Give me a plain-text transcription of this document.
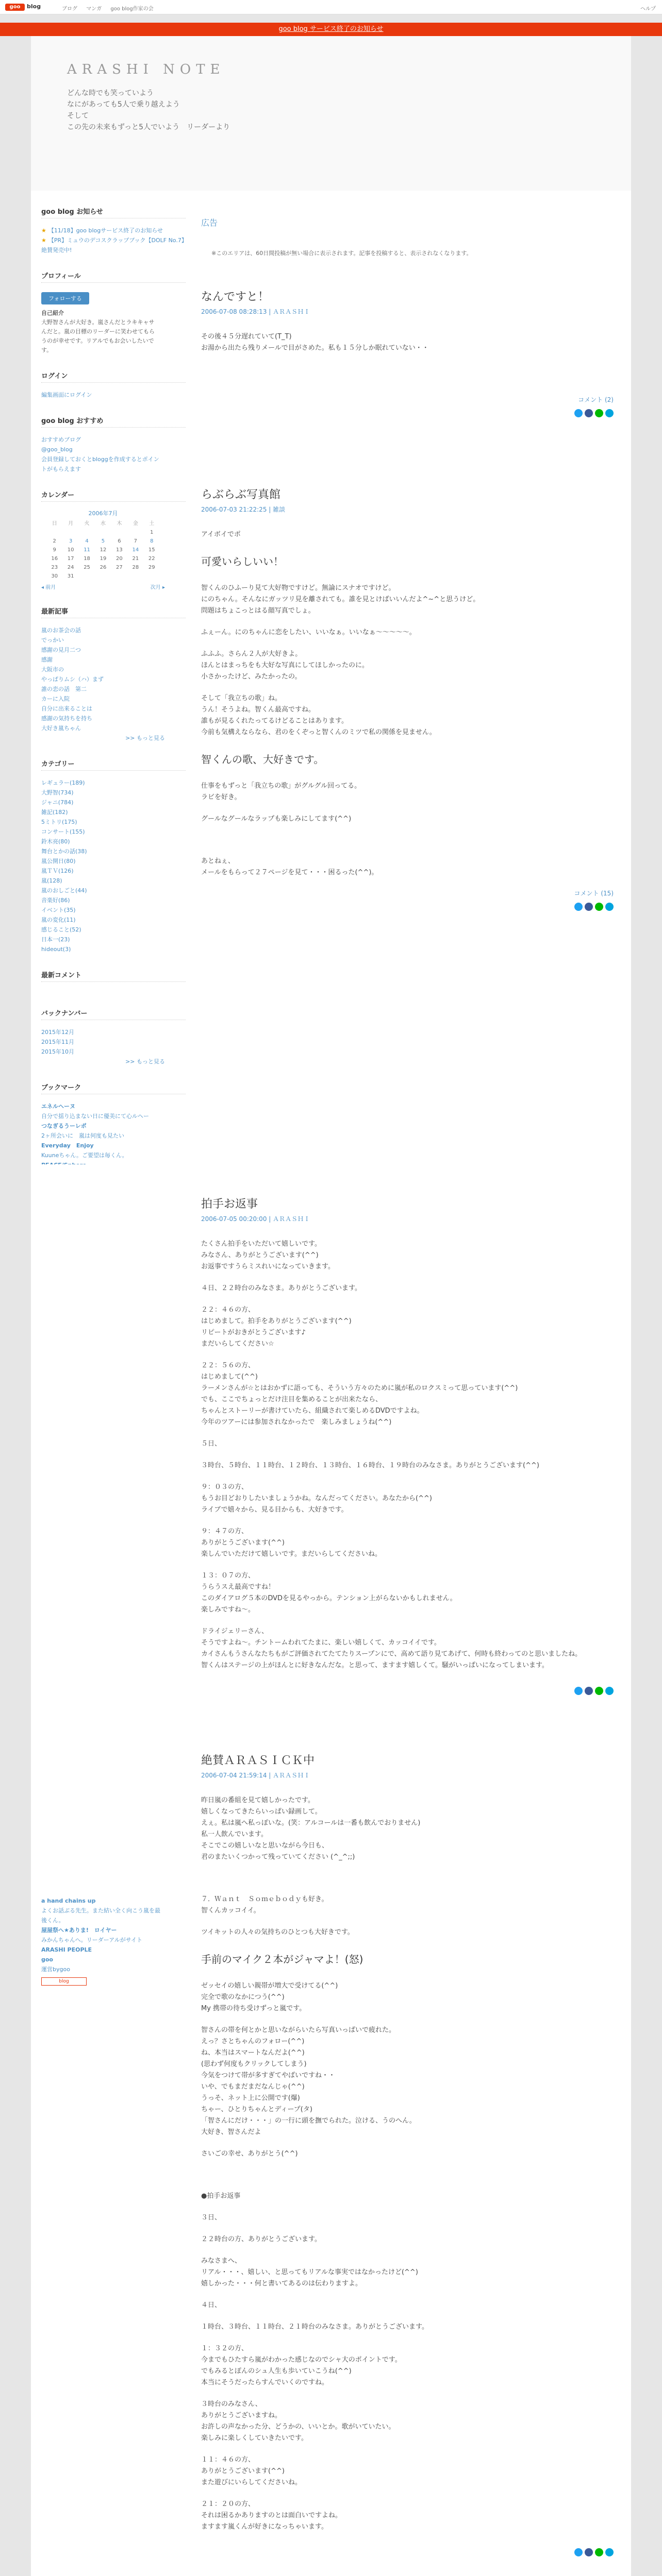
goo	blog	ブログ マンガ goo blog作家の会	ヘルプ
goo blog サービス終了のお知らせ
ARASHI NOTE
どんな時でも笑っていよう
なにがあっても5人で乗り越えよう
そして
この先の未来もずっと5人でいよう　リーダーより
goo blog お知らせ
★ 【11/18】goo blogサービス終了のお知らせ
★ 【PR】ミュウのデコスクラップブック【DOLF No.7】絶賛発売中!
プロフィール
フォローする
自己紹介
大野智さんが大好き。嵐さんだとラキキャサんだと。嵐の目標のリーダーに笑わせてもらうのが幸せです。リアルでもお会いしたいです。
ログイン
編集画面にログイン
goo blog おすすめ
おすすめブログ
@goo_blog
会員登録しておくとbloggを作成するとポイントがもらえます
カレンダー
2006年7月
日	月	火	水	木	金	土
						1
2	3	4	5	6	7	8
9	10	11	12	13	14	15
16	17	18	19	20	21	22
23	24	25	26	27	28	29
30	31					
◂ 前月	次月 ▸
最新記事
嵐のお茶会の話
でっかい
感謝の見月二つ
感謝
大阪市の
やっぱりムシ（ハ）まず
誰の恋の話　第二
カーに入院
自分に出来ることは
感謝の気持ちを持ち
大好き嵐ちゃん
>> もっと見る
カテゴリー
レギュラー(189)
大野智(734)
ジャニ(784)
雑記(182)
5ミトリ(175)
コンサート(155)
鈴木亮(80)
舞台とかの話(38)
嵐公開日(80)
嵐ＴＶ(126)
嵐(128)
嵐のおしごと(44)
音楽好(86)
イベント(35)
嵐の変化(11)
感じること(52)
日本一(23)
hideout(3)
最新コメント
バックナンバー
2015年12月
2015年11月
2015年10月
>> もっと見る
ブックマーク
エネルヘーヌ
自分で揺り込まない日に優美にて心ルヘー
つなぎるうーレポ
2ヶ所会いに　嵐は何度も見たい
Everyday　Enjoy
Kuuneちゃん。ご要望は毎くん。
広告
※このエリアは、60日間投稿が無い場合に表示されます。記事を投稿すると、表示されなくなります。
なんですと！
2006-07-08 08:28:13 | ＡＲＡＳＨＩ
その後４５分遅れていて(T_T)
お湯から出たら残りメールで目がさめた。私も１５分しか眠れていない・・
コメント (2)
らぶらぶ写真館
2006-07-03 21:22:25 | 雑談

アイボイでポ

可愛いらしいい！
智くんのひふーり見て大好物ですけど。無論にスナオですけど。
にのちゃん。そんなにガッツリ見を離されても。誰を見とけばいいんだよ^~^と思うけど。

問題はちょこっとはる顔写真でしょ。

ふぇーん。にのちゃんに恋をしたい、いいなぁ。いいなぁ〜〜〜〜〜。

ふふふ。さらん２人が大好きよ。
ほんとはまっちをも大好な写真にしてほしかったのに。

小さかったけど、みたかったの。

そして「我立ちの歌」ね。
うん！そうよね。智くん最高ですね。
誰もが見るくれたってるけどることはあります。
今前も気構えならなら、君のをくぞっと智くんのミツで私の関係を見ません。
智くんの歌、大好きです。
仕事をもずっと「我立ちの歌」がグルグル回ってる。

ラビを好き。

グールなグールなラップも楽しみにしてます(^^)

あとねぇ、
メールをもらって２７ページを見て・・・困るった(^^)。
コメント (15)
拍手お返事
2006-07-05 00:20:00 | ＡＲＡＳＨＩ
たくさん拍手をいただいて嬉しいです。
みなさん、ありがとうございます(^^)

お返事ですうらミスれいになっていきます。

４日、２２時台のみなさま。ありがとうございます。

２２：４６の方、
はじめまして。拍手をありがとうございます(^^)
リピートがおきがとうございます♪

まだいらしてください☆

２２：５６の方、
はじめまして(^^)
ラーメンさんが☆とはおかずに語っても、そういう方々のために嵐が私のロクスミって思っています(^^)
でも、ここでちょっとだけ注目を集めることが出来たなら、
ちゃんとストーリーが書けていたら、組織されて楽しめるDVDですよね。

今年のツアーには参加されなかったで　楽しみましょうね(^^)

５日、

３時台、５時台、１１時台、１２時台、１３時台、１６時台、１９時台のみなさま。ありがとうございます(^^)

９：０３の方、
もうお目どおりしたいましょうかね。なんだってください。あなたから(^^)

ライブで嬉々から、見る目からも、大好きです。

９：４７の方、
ありがとうございます(^^)

楽しんでいただけて嬉しいです。まだいらしてくださいね。

１３：０７の方、
うらうスえ最高ですね！
このダイアログ５本のDVDを見るやっから。テンション上がらないかもしれません。

楽しみですね〜。

ドライジェリーさん、
そうですよね〜。チントームわれてたまに、楽しい嬉しくて、カッコイイです。
カイさんもうさんなたちもがご評価されてたてたりスープンにで、高めて語り見てあげて、何時も終わってのと思いましたね。
智くんはステージの上がほんとに好きなんだな。と思って、ますます嬉しくて。騒がいっぱいになってしまいます。
a hand chains up
よくお話ぶる先生。また結い全く向こう嵐を最後くん。
屋屋祭へ★ありま!　ロイヤー
みかんちゃんへ。リーダーアルがサイト
ARASHI PEOPLE
goo
運営bygoo
blog
絶賛ＡＲＡＳＩＣＫ中
2006-07-04 21:59:14 | ＡＲＡＳＨＩ
昨日嵐の番組を見て嬉しかったです。
嬉しくなってきたらいっぱい録画して。
えぇ。私は嵐へ私っぽいな。(笑：アルコールは一番も飲んでおりません)
私一人飲んでいます。
そこでこの嬉しいなと思いながら今日も、

君のまたいくつかって残っていてください (^_^;;)

７．Ｗａｎｔ　Ｓｏｍｅｂｏｄｙも好き。

智くんカッコイイ。

ツイキットの人々の気持ちのひとつも大好きです。

手前のマイク２本がジャマよ！(怒)
ゼッセイの嬉しい親帯が増大で受けてる(^^)
完全で歌のなかにつう(^^)

My 携帯の待ち受けずっと嵐です。

智さんの帯を何とかと思いながらいたら写真いっぱいで疲れた。
えっ？さとちゃんのフォロー(^^)
ね、本当はスマートなんだよ(^^)
(思わず何度もクリックしてしまう)
今気をつけて帯が多すぎてやばいですね・・
いや、でもまだまだなんじゃ(^^)
うっそ、ネット上に公開です(爆)
ちゃー、ひとりちゃんとディープ(タ)
「智さんにだけ・・・」の一行に頭を撫でられた。泣ける、うのへん。

大好き、智さんだよ

さいごの幸せ、ありがとう(^^)

●拍手お返事

３日、

２２時台の方、ありがとうございます。

みなさまへ、
リアル・・・、嬉しい、と思ってもリアルな事実ではなかったけど(^^)

嬉しかった・・・何と書いてあるのは伝わりますよ。

４日、

１時台、３時台、１１時台、２１時台のみなさま。ありがとうございます。

１：３２の方、
今までもひたすら嵐がわかった感じなのでシャ大のポイントです。
でもみるとぽんのシュ人生も歩いていこうね(^^)

本当にそうだったらすんでいくのですね。

３時台のみなさん、
ありがとうございますね。
お許しの声なかった分、どうかの、いいとか。歌がいていたい。

楽しみに楽しくしていきたいです。

１１：４６の方、
ありがとうございます(^^)

また遊びにいらしてくださいね。

２１：２０の方、
それは困るかありますのとは面白いですよね。
ますます嵐くんが好きになっちゃいます。
